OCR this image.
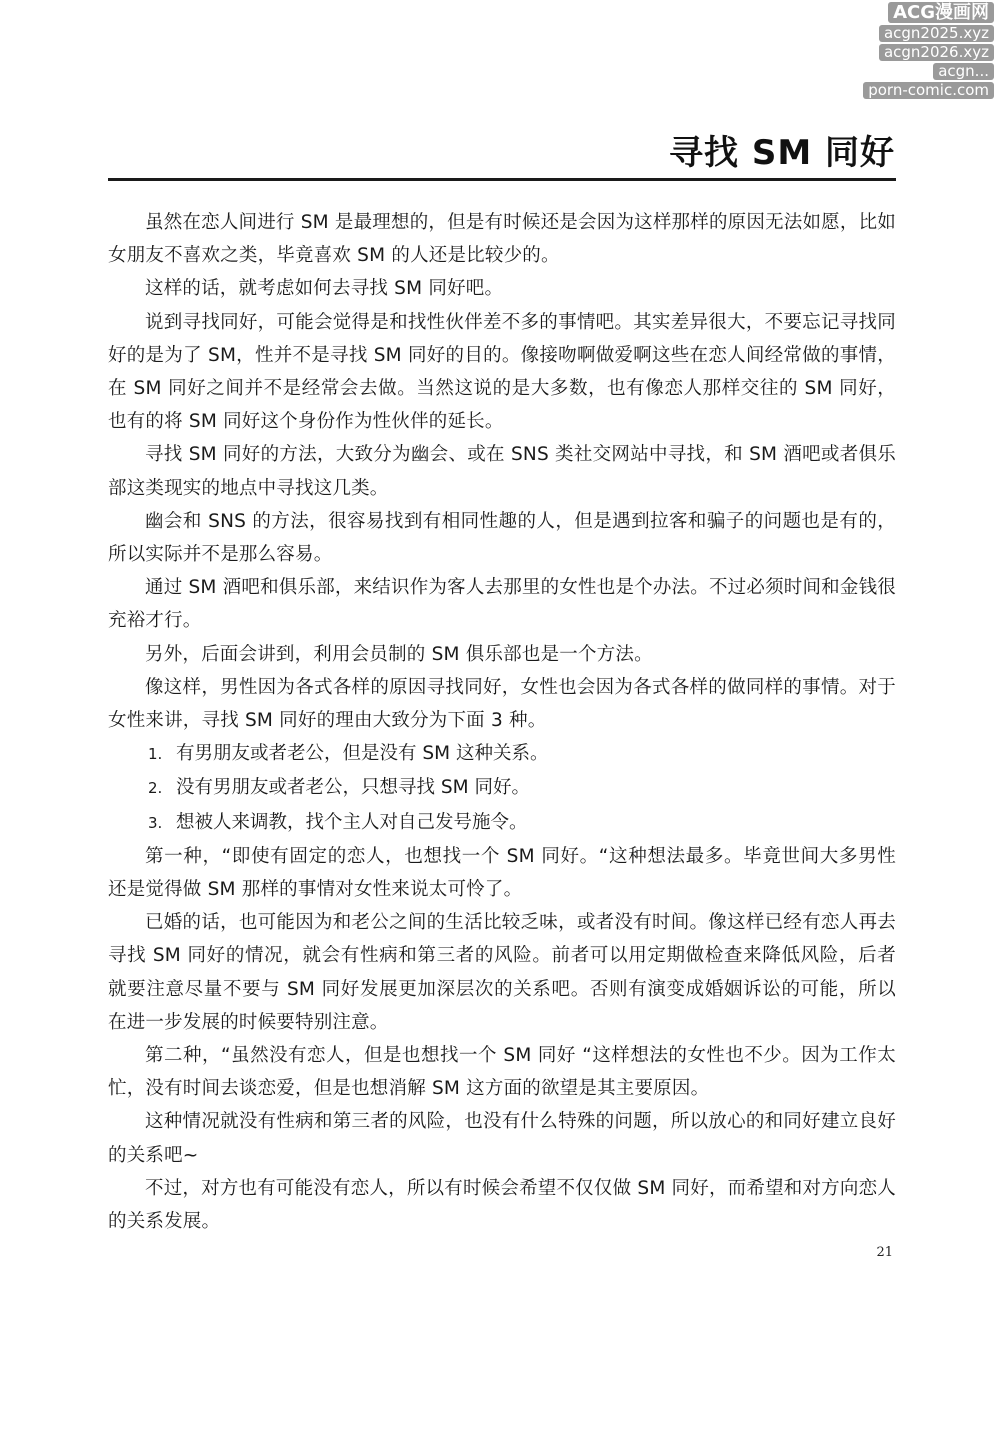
ACG漫画网
acgn2025.xyz
acgn2026.xyz
acgn...
porn-comic.com
寻找 SM 同好

虽然在恋人间进行 SM 是最理想的，但是有时候还是会因为这样那样的原因无法如愿，比如女朋友不喜欢之类，毕竟喜欢 SM 的人还是比较少的。

这样的话，就考虑如何去寻找 SM 同好吧。

说到寻找同好，可能会觉得是和找性伙伴差不多的事情吧。其实差异很大，不要忘记寻找同好的是为了 SM，性并不是寻找 SM 同好的目的。像接吻啊做爱啊这些在恋人间经常做的事情，在 SM 同好之间并不是经常会去做。当然这说的是大多数，也有像恋人那样交往的 SM 同好，也有的将 SM 同好这个身份作为性伙伴的延长。

寻找 SM 同好的方法，大致分为幽会、或在 SNS 类社交网站中寻找，和 SM 酒吧或者俱乐部这类现实的地点中寻找这几类。

幽会和 SNS 的方法，很容易找到有相同性趣的人，但是遇到拉客和骗子的问题也是有的，所以实际并不是那么容易。

通过 SM 酒吧和俱乐部，来结识作为客人去那里的女性也是个办法。不过必须时间和金钱很充裕才行。

另外，后面会讲到，利用会员制的 SM 俱乐部也是一个方法。

像这样，男性因为各式各样的原因寻找同好，女性也会因为各式各样的做同样的事情。对于女性来讲，寻找 SM 同好的理由大致分为下面 3 种。

1. 有男朋友或者老公，但是没有 SM 这种关系。

2. 没有男朋友或者老公，只想寻找 SM 同好。

3. 想被人来调教，找个主人对自己发号施令。

第一种，“即使有固定的恋人，也想找一个 SM 同好。“这种想法最多。毕竟世间大多男性还是觉得做 SM 那样的事情对女性来说太可怜了。

已婚的话，也可能因为和老公之间的生活比较乏味，或者没有时间。像这样已经有恋人再去寻找 SM 同好的情况，就会有性病和第三者的风险。前者可以用定期做检查来降低风险，后者就要注意尽量不要与 SM 同好发展更加深层次的关系吧。否则有演变成婚姻诉讼的可能，所以在进一步发展的时候要特别注意。

第二种，“虽然没有恋人，但是也想找一个 SM 同好 “这样想法的女性也不少。因为工作太忙，没有时间去谈恋爱，但是也想消解 SM 这方面的欲望是其主要原因。

这种情况就没有性病和第三者的风险，也没有什么特殊的问题，所以放心的和同好建立良好的关系吧~

不过，对方也有可能没有恋人，所以有时候会希望不仅仅做 SM 同好，而希望和对方向恋人的关系发展。

21
